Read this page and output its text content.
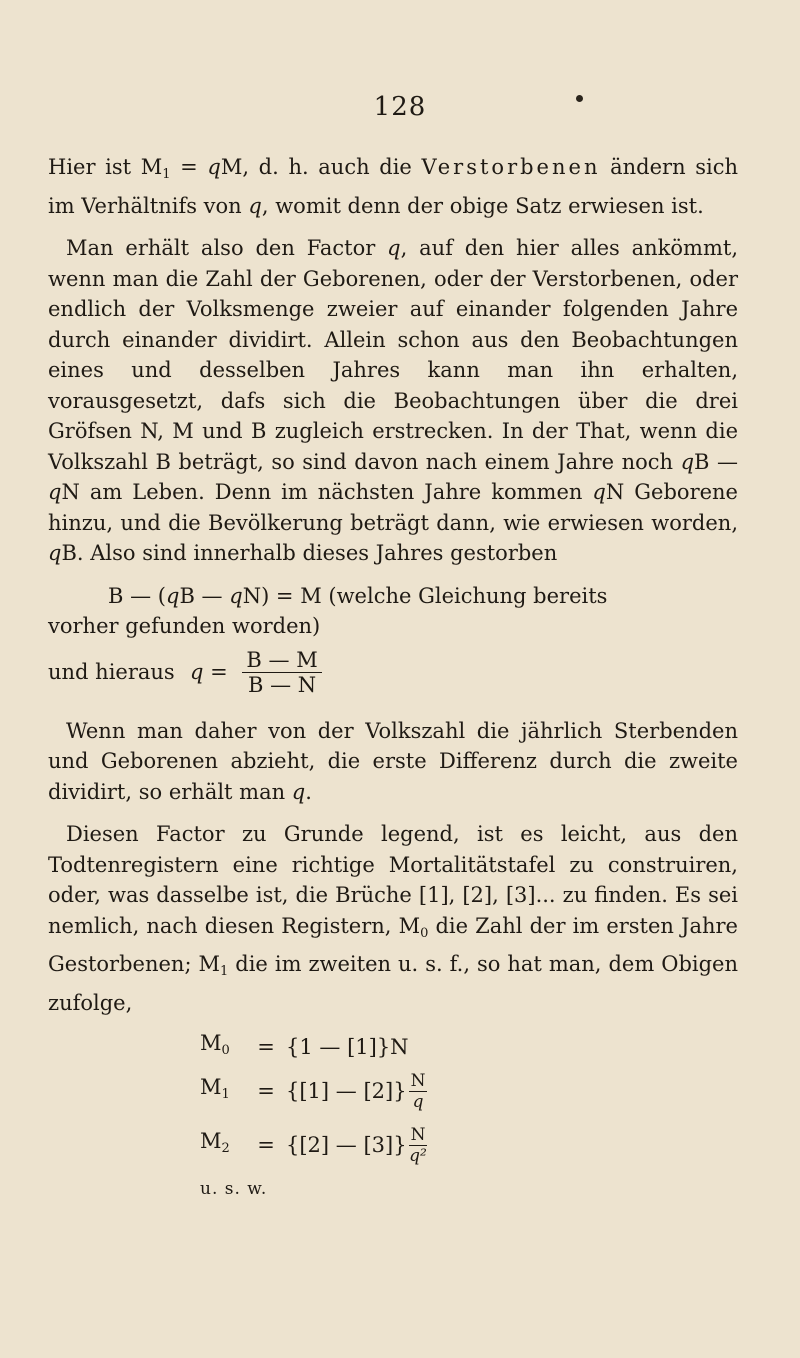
128

Hier ist $M_1$ = qM, d. h. auch die Verstorbenen ändern sich im Verhältnifs von q, womit denn der obige Satz erwiesen ist.

Man erhält also den Factor q, auf den hier alles ankömmt, wenn man die Zahl der Geborenen, oder der Verstorbenen, oder endlich der Volksmenge zweier auf einander folgenden Jahre durch einander dividirt. Allein schon aus den Beobachtungen eines und desselben Jahres kann man ihn erhalten, vorausgesetzt, dafs sich die Beobachtungen über die drei Gröfsen N, M und B zugleich erstrecken. In der That, wenn die Volkszahl B beträgt, so sind davon nach einem Jahre noch qB — qN am Leben. Denn im nächsten Jahre kommen qN Geborene hinzu, und die Bevölkerung beträgt dann, wie erwiesen worden, qB. Also sind innerhalb dieses Jahres gestorben

B — (qB — qN) = M (welche Gleichung bereits
vorher gefunden worden)

und hieraus $q = \frac{B — M}{B — N}$

Wenn man daher von der Volkszahl die jährlich Sterbenden und Geborenen abzieht, die erste Differenz durch die zweite dividirt, so erhält man q.

Diesen Factor zu Grunde legend, ist es leicht, aus den Todtenregistern eine richtige Mortalitätstafel zu construiren, oder, was dasselbe ist, die Brüche [1], [2], [3]... zu finden. Es sei nemlich, nach diesen Registern, $M_0$ die Zahl der im ersten Jahre Gestorbenen; $M_1$ die im zweiten u. s. f., so hat man, dem Obigen zufolge,

$M_0$	= {1 — [1]}N
$M_1$	= {[1] — $[2]\} \frac{N}{q}$
$M_2$	= {[2] — $[3]\} \frac{N}{\text{q²}}$
u. s. w.
